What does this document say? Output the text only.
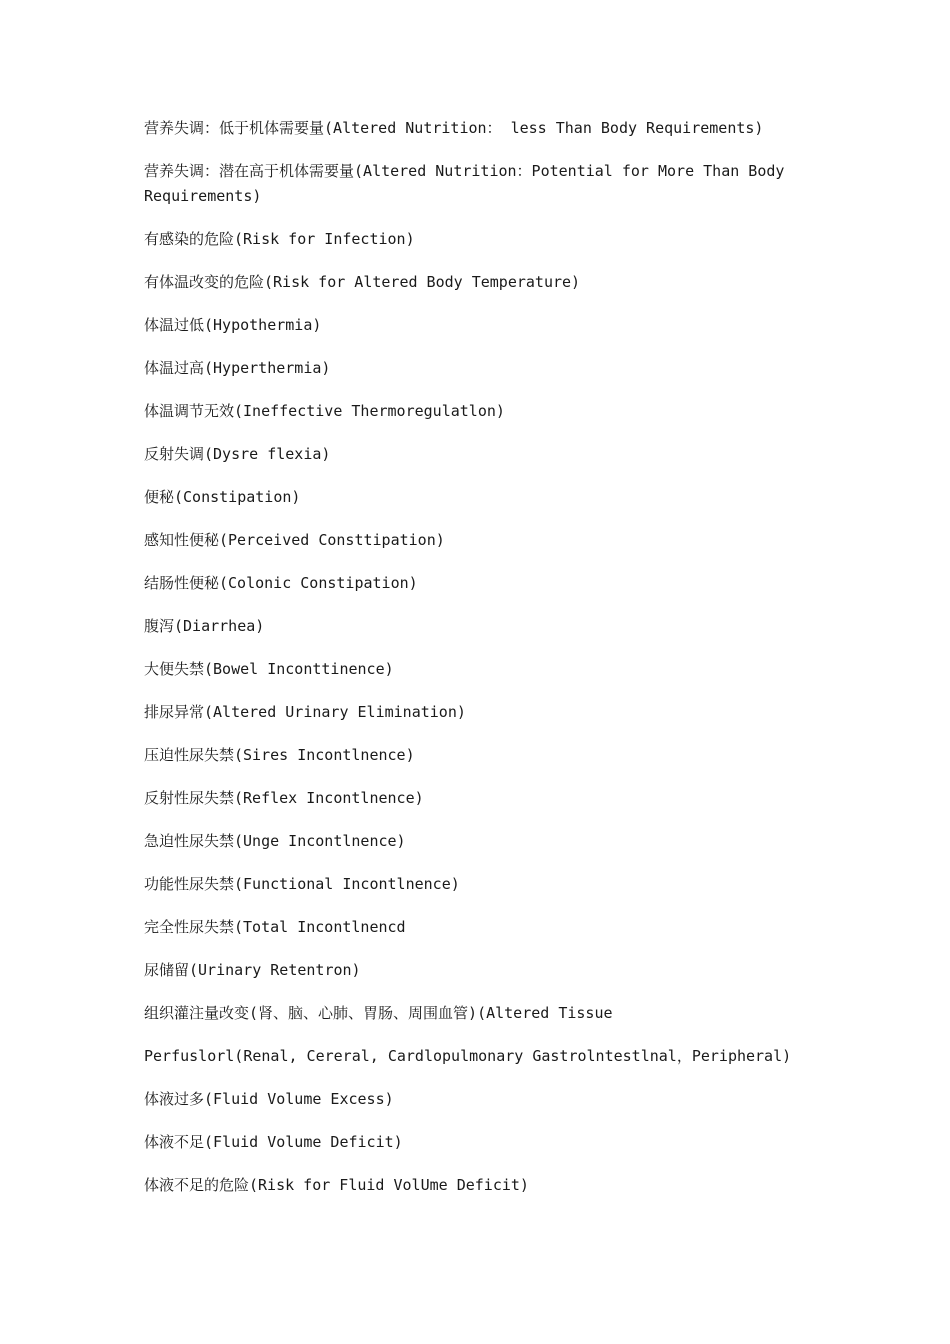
营养失调：低于机体需要量(Altered Nutrition： less Than Body Requirements)

营养失调：潜在高于机体需要量(Altered Nutrition：Potential for More Than Body Requirements)

有感染的危险(Risk for Infection)

有体温改变的危险(Risk for Altered Body Temperature)

体温过低(Hypothermia)

体温过高(Hyperthermia)

体温调节无效(Ineffective Thermoregulatlon)

反射失调(Dysre flexia)

便秘(Constipation)

感知性便秘(Perceived Consttipation)

结肠性便秘(Colonic Constipation)

腹泻(Diarrhea)

大便失禁(Bowel Inconttinence)

排尿异常(Altered Urinary Elimination)

压迫性尿失禁(Sires Incontlnence)

反射性尿失禁(Reflex Incontlnence)

急迫性尿失禁(Unge Incontlnence)

功能性尿失禁(Functional Incontlnence)

完全性尿失禁(Total Incontlnencd

尿储留(Urinary Retentron)

组织灌注量改变(肾、脑、心肺、胃肠、周围血管)(Altered Tissue

Perfuslorl(Renal, Cereral, Cardlopulmonary Gastrolntestlnal，Peripheral)

体液过多(Fluid Volume Excess)

体液不足(Fluid Volume Deficit)

体液不足的危险(Risk for Fluid VolUme Deficit)
